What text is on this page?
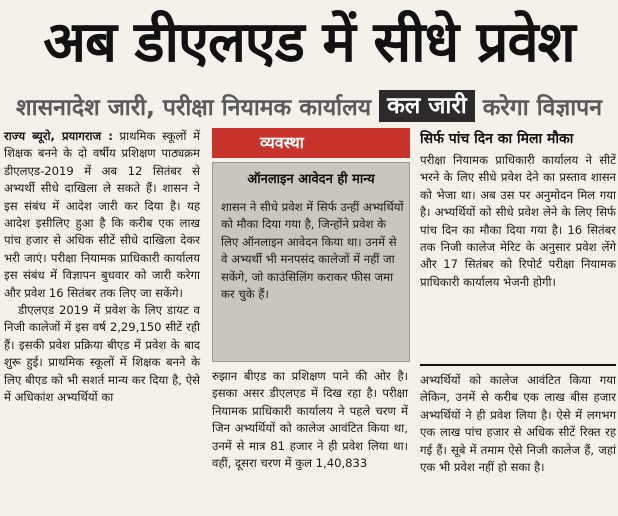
अब डीएलएड में सीधे प्रवेश
शासनादेश जारी, परीक्षा नियामक कार्यालय कल जारी करेगा विज्ञापन

राज्य ब्यूरो, प्रयागराज : प्राथमिक स्कूलों में शिक्षक बनने के दो वर्षीय प्रशिक्षण पाठ्यक्रम डीएलएड-2019 में अब 12 सितंबर से अभ्यर्थी सीधे दाखिला ले सकते हैं। शासन ने इस संबंध में आदेश जारी कर दिया है। यह आदेश इसीलिए हुआ है कि करीब एक लाख पांच हजार से अधिक सीटें सीधे दाखिला देकर भरी जाएं। परीक्षा नियामक प्राधिकारी कार्यालय इस संबंध में विज्ञापन बुधवार को जारी करेगा और प्रवेश 16 सितंबर तक लिए जा सकेंगे।

डीएलएड 2019 में प्रवेश के लिए डायट व निजी कालेजों में इस वर्ष 2,29,150 सीटें रही हैं। इसकी प्रवेश प्रक्रिया बीएड में प्रवेश के बाद शुरू हुई। प्राथमिक स्कूलों में शिक्षक बनने के लिए बीएड को भी सशर्त मान्य कर दिया है, ऐसे में अधिकांश अभ्यर्थियों का

व्यवस्था
ऑनलाइन आवेदन ही मान्य
शासन ने सीधे प्रवेश में सिर्फ उन्हीं अभ्यर्थियों को मौका दिया गया है, जिन्होंने प्रवेश के लिए ऑनलाइन आवेदन किया था। उनमें से वे अभ्यर्थी भी मनपसंद कालेजों में नहीं जा सकेंगे, जो काउंसिलिंग कराकर फीस जमा कर चुके हैं।

रुझान बीएड का प्रशिक्षण पाने की ओर है। इसका असर डीएलएड में दिख रहा है। परीक्षा नियामक प्राधिकारी कार्यालय ने पहले चरण में जिन अभ्यर्थियों को कालेज आवंटित किया था, उनमें से मात्र 81 हजार ने ही प्रवेश लिया था। वहीं, दूसरा चरण में कुल 1,40,833

सिर्फ पांच दिन का मिला मौका

परीक्षा नियामक प्राधिकारी कार्यालय ने सीटें भरने के लिए सीधे प्रवेश देने का प्रस्ताव शासन को भेजा था। अब उस पर अनुमोदन मिल गया है। अभ्यर्थियों को सीधे प्रवेश लेने के लिए सिर्फ पांच दिन का मौका दिया गया है। 16 सितंबर तक निजी कालेज मेरिट के अनुसार प्रवेश लेंगे और 17 सितंबर को रिपोर्ट परीक्षा नियामक प्राधिकारी कार्यालय भेजनी होगी।

अभ्यर्थियों को कालेज आवंटित किया गया लेकिन, उनमें से करीब एक लाख बीस हजार अभ्यर्थियों ने ही प्रवेश लिया है। ऐसे में लगभग एक लाख पांच हजार से अधिक सीटें रिक्त रह गई हैं। सूबे में तमाम ऐसे निजी कालेज हैं, जहां एक भी प्रवेश नहीं हो सका है।
